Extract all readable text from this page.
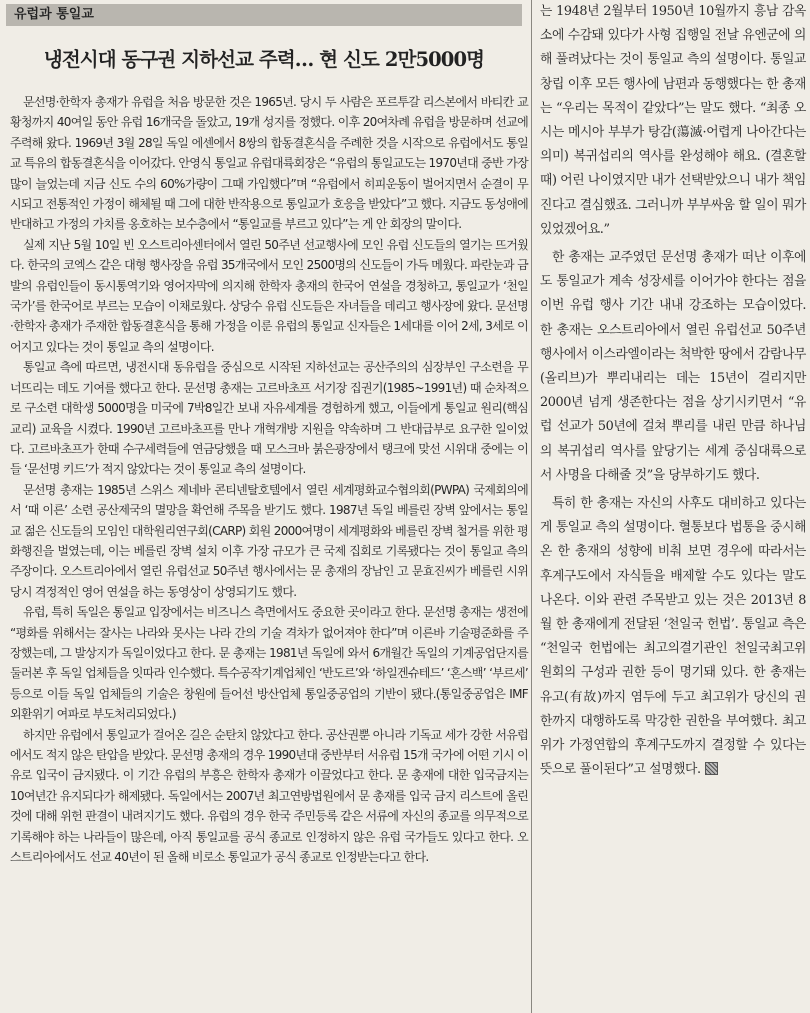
유럽과 통일교
냉전시대 동구권 지하선교 주력… 현 신도 2만5000명

문선명·한학자 총재가 유럽을 처음 방문한 것은 1965년. 당시 두 사람은 포르투갈 리스본에서 바티칸 교황청까지 40여일 동안 유럽 16개국을 돌았고, 19개 성지를 정했다. 이후 20여차례 유럽을 방문하며 선교에 주력해 왔다. 1969년 3월 28일 독일 에센에서 8쌍의 합동결혼식을 주례한 것을 시작으로 유럽에서도 통일교 특유의 합동결혼식을 이어갔다. 안영식 통일교 유럽대륙회장은 “유럽의 통일교도는 1970년대 중반 가장 많이 늘었는데 지금 신도 수의 60%가량이 그때 가입했다”며 “유럽에서 히피운동이 벌어지면서 순결이 무시되고 전통적인 가정이 해체될 때 그에 대한 반작용으로 통일교가 호응을 받았다”고 했다. 지금도 동성애에 반대하고 가정의 가치를 옹호하는 보수층에서 “통일교를 부르고 있다”는 게 안 회장의 말이다.

실제 지난 5월 10일 빈 오스트리아센터에서 열린 50주년 선교행사에 모인 유럽 신도들의 열기는 뜨거웠다. 한국의 코엑스 같은 대형 행사장을 유럽 35개국에서 모인 2500명의 신도들이 가득 메웠다. 파란눈과 금발의 유럽인들이 동시통역기와 영어자막에 의지해 한학자 총재의 한국어 연설을 경청하고, 통일교가 ‘천일국가’를 한국어로 부르는 모습이 이채로웠다. 상당수 유럽 신도들은 자녀들을 데리고 행사장에 왔다. 문선명·한학자 총재가 주재한 합동결혼식을 통해 가정을 이룬 유럽의 통일교 신자들은 1세대를 이어 2세, 3세로 이어지고 있다는 것이 통일교 측의 설명이다.

통일교 측에 따르면, 냉전시대 동유럽을 중심으로 시작된 지하선교는 공산주의의 심장부인 구소련을 무너뜨리는 데도 기여를 했다고 한다. 문선명 총재는 고르바초프 서기장 집권기(1985~1991년) 때 순차적으로 구소련 대학생 5000명을 미국에 7박8일간 보내 자유세계를 경험하게 했고, 이들에게 통일교 원리(핵심 교리) 교육을 시켰다. 1990년 고르바초프를 만나 개혁개방 지원을 약속하며 그 반대급부로 요구한 일이었다. 고르바초프가 한때 수구세력들에 연금당했을 때 모스크바 붉은광장에서 탱크에 맞선 시위대 중에는 이들 ‘문선명 키드’가 적지 않았다는 것이 통일교 측의 설명이다.

문선명 총재는 1985년 스위스 제네바 콘티넨탈호텔에서 열린 세계평화교수협의회(PWPA) 국제회의에서 ‘때 이른’ 소련 공산제국의 멸망을 확언해 주목을 받기도 했다. 1987년 독일 베를린 장벽 앞에서는 통일교 젊은 신도들의 모임인 대학원리연구회(CARP) 회원 2000여명이 세계평화와 베를린 장벽 철거를 위한 평화행진을 벌였는데, 이는 베를린 장벽 설치 이후 가장 규모가 큰 국제 집회로 기록됐다는 것이 통일교 측의 주장이다. 오스트리아에서 열린 유럽선교 50주년 행사에서는 문 총재의 장남인 고 문효진씨가 베를린 시위 당시 격정적인 영어 연설을 하는 동영상이 상영되기도 했다.

유럽, 특히 독일은 통일교 입장에서는 비즈니스 측면에서도 중요한 곳이라고 한다. 문선명 총재는 생전에 “평화를 위해서는 잘사는 나라와 못사는 나라 간의 기술 격차가 없어져야 한다”며 이른바 기술평준화를 주장했는데, 그 발상지가 독일이었다고 한다. 문 총재는 1981년 독일에 와서 6개월간 독일의 기계공업단지를 둘러본 후 독일 업체들을 잇따라 인수했다. 특수공작기계업체인 ‘반도르’와 ‘하일겐슈테드’ ‘혼스백’ ‘부르세’ 등으로 이들 독일 업체들의 기술은 창원에 들어선 방산업체 통일중공업의 기반이 됐다.(통일중공업은 IMF 외환위기 여파로 부도처리되었다.)

하지만 유럽에서 통일교가 걸어온 길은 순탄치 않았다고 한다. 공산권뿐 아니라 기독교 세가 강한 서유럽에서도 적지 않은 탄압을 받았다. 문선명 총재의 경우 1990년대 중반부터 서유럽 15개 국가에 어떤 기시 이유로 입국이 금지됐다. 이 기간 유럽의 부흥은 한학자 총재가 이끌었다고 한다. 문 총재에 대한 입국금지는 10여년간 유지되다가 해제됐다. 독일에서는 2007년 최고연방법원에서 문 총재를 입국 금지 리스트에 올린 것에 대해 위헌 판결이 내려지기도 했다. 유럽의 경우 한국 주민등록 같은 서류에 자신의 종교를 의무적으로 기록해야 하는 나라들이 많은데, 아직 통일교를 공식 종교로 인정하지 않은 유럽 국가들도 있다고 한다. 오스트리아에서도 선교 40년이 된 올해 비로소 통일교가 공식 종교로 인정받는다고 한다.

는 1948년 2월부터 1950년 10월까지 흥남 감옥소에 수감돼 있다가 사형 집행일 전날 유엔군에 의해 풀려났다는 것이 통일교 측의 설명이다. 통일교 창립 이후 모든 행사에 남편과 동행했다는 한 총재는 “우리는 목적이 같았다”는 말도 했다. “최종 오시는 메시아 부부가 탕감(蕩滅·어렵게 나아간다는 의미) 복귀섭리의 역사를 완성해야 해요. (결혼할 때) 어린 나이였지만 내가 선택받았으니 내가 책임진다고 결심했죠. 그러니까 부부싸움 할 일이 뭐가 있었겠어요.”

한 총재는 교주였던 문선명 총재가 떠난 이후에도 통일교가 계속 성장세를 이어가야 한다는 점을 이번 유럽 행사 기간 내내 강조하는 모습이었다. 한 총재는 오스트리아에서 열린 유럽선교 50주년 행사에서 이스라엘이라는 척박한 땅에서 감람나무(올리브)가 뿌리내리는 데는 15년이 걸리지만 2000년 넘게 생존한다는 점을 상기시키면서 “유럽 선교가 50년에 걸쳐 뿌리를 내린 만큼 하나님의 복귀섭리 역사를 앞당기는 세계 중심대륙으로서 사명을 다해줄 것”을 당부하기도 했다.

특히 한 총재는 자신의 사후도 대비하고 있다는 게 통일교 측의 설명이다. 혈통보다 법통을 중시해온 한 총재의 성향에 비춰 보면 경우에 따라서는 후계구도에서 자식들을 배제할 수도 있다는 말도 나온다. 이와 관련 주목받고 있는 것은 2013년 8월 한 총재에게 전달된 ‘천일국 헌법’. 통일교 측은 “천일국 헌법에는 최고의결기관인 천일국최고위원회의 구성과 권한 등이 명기돼 있다. 한 총재는 유고(有故)까지 염두에 두고 최고위가 당신의 권한까지 대행하도록 막강한 권한을 부여했다. 최고위가 가정연합의 후계구도까지 결정할 수 있다는 뜻으로 풀이된다”고 설명했다.
